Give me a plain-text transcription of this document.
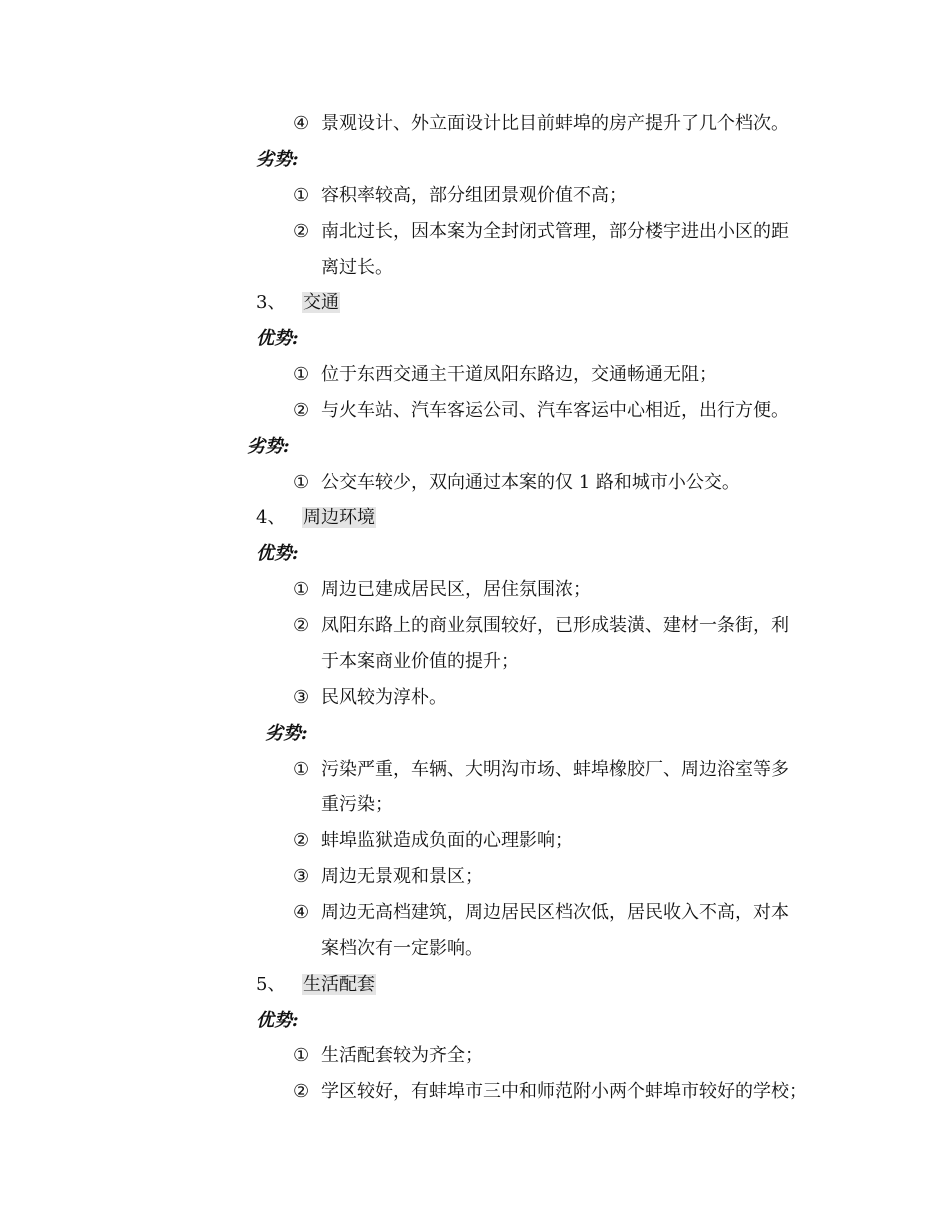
④ 景观设计、外立面设计比目前蚌埠的房产提升了几个档次。
劣势:
① 容积率较高，部分组团景观价值不高；
② 南北过长，因本案为全封闭式管理，部分楼宇进出小区的距
离过长。
3、 交通
优势:
① 位于东西交通主干道凤阳东路边，交通畅通无阻；
② 与火车站、汽车客运公司、汽车客运中心相近，出行方便。
劣势:
① 公交车较少，双向通过本案的仅 1 路和城市小公交。
4、 周边环境
优势:
① 周边已建成居民区，居住氛围浓；
② 凤阳东路上的商业氛围较好，已形成装潢、建材一条街，利
于本案商业价值的提升；
③ 民风较为淳朴。
劣势:
① 污染严重，车辆、大明沟市场、蚌埠橡胶厂、周边浴室等多
重污染；
② 蚌埠监狱造成负面的心理影响；
③ 周边无景观和景区；
④ 周边无高档建筑，周边居民区档次低，居民收入不高，对本
案档次有一定影响。
5、 生活配套
优势:
① 生活配套较为齐全；
② 学区较好，有蚌埠市三中和师范附小两个蚌埠市较好的学校；
